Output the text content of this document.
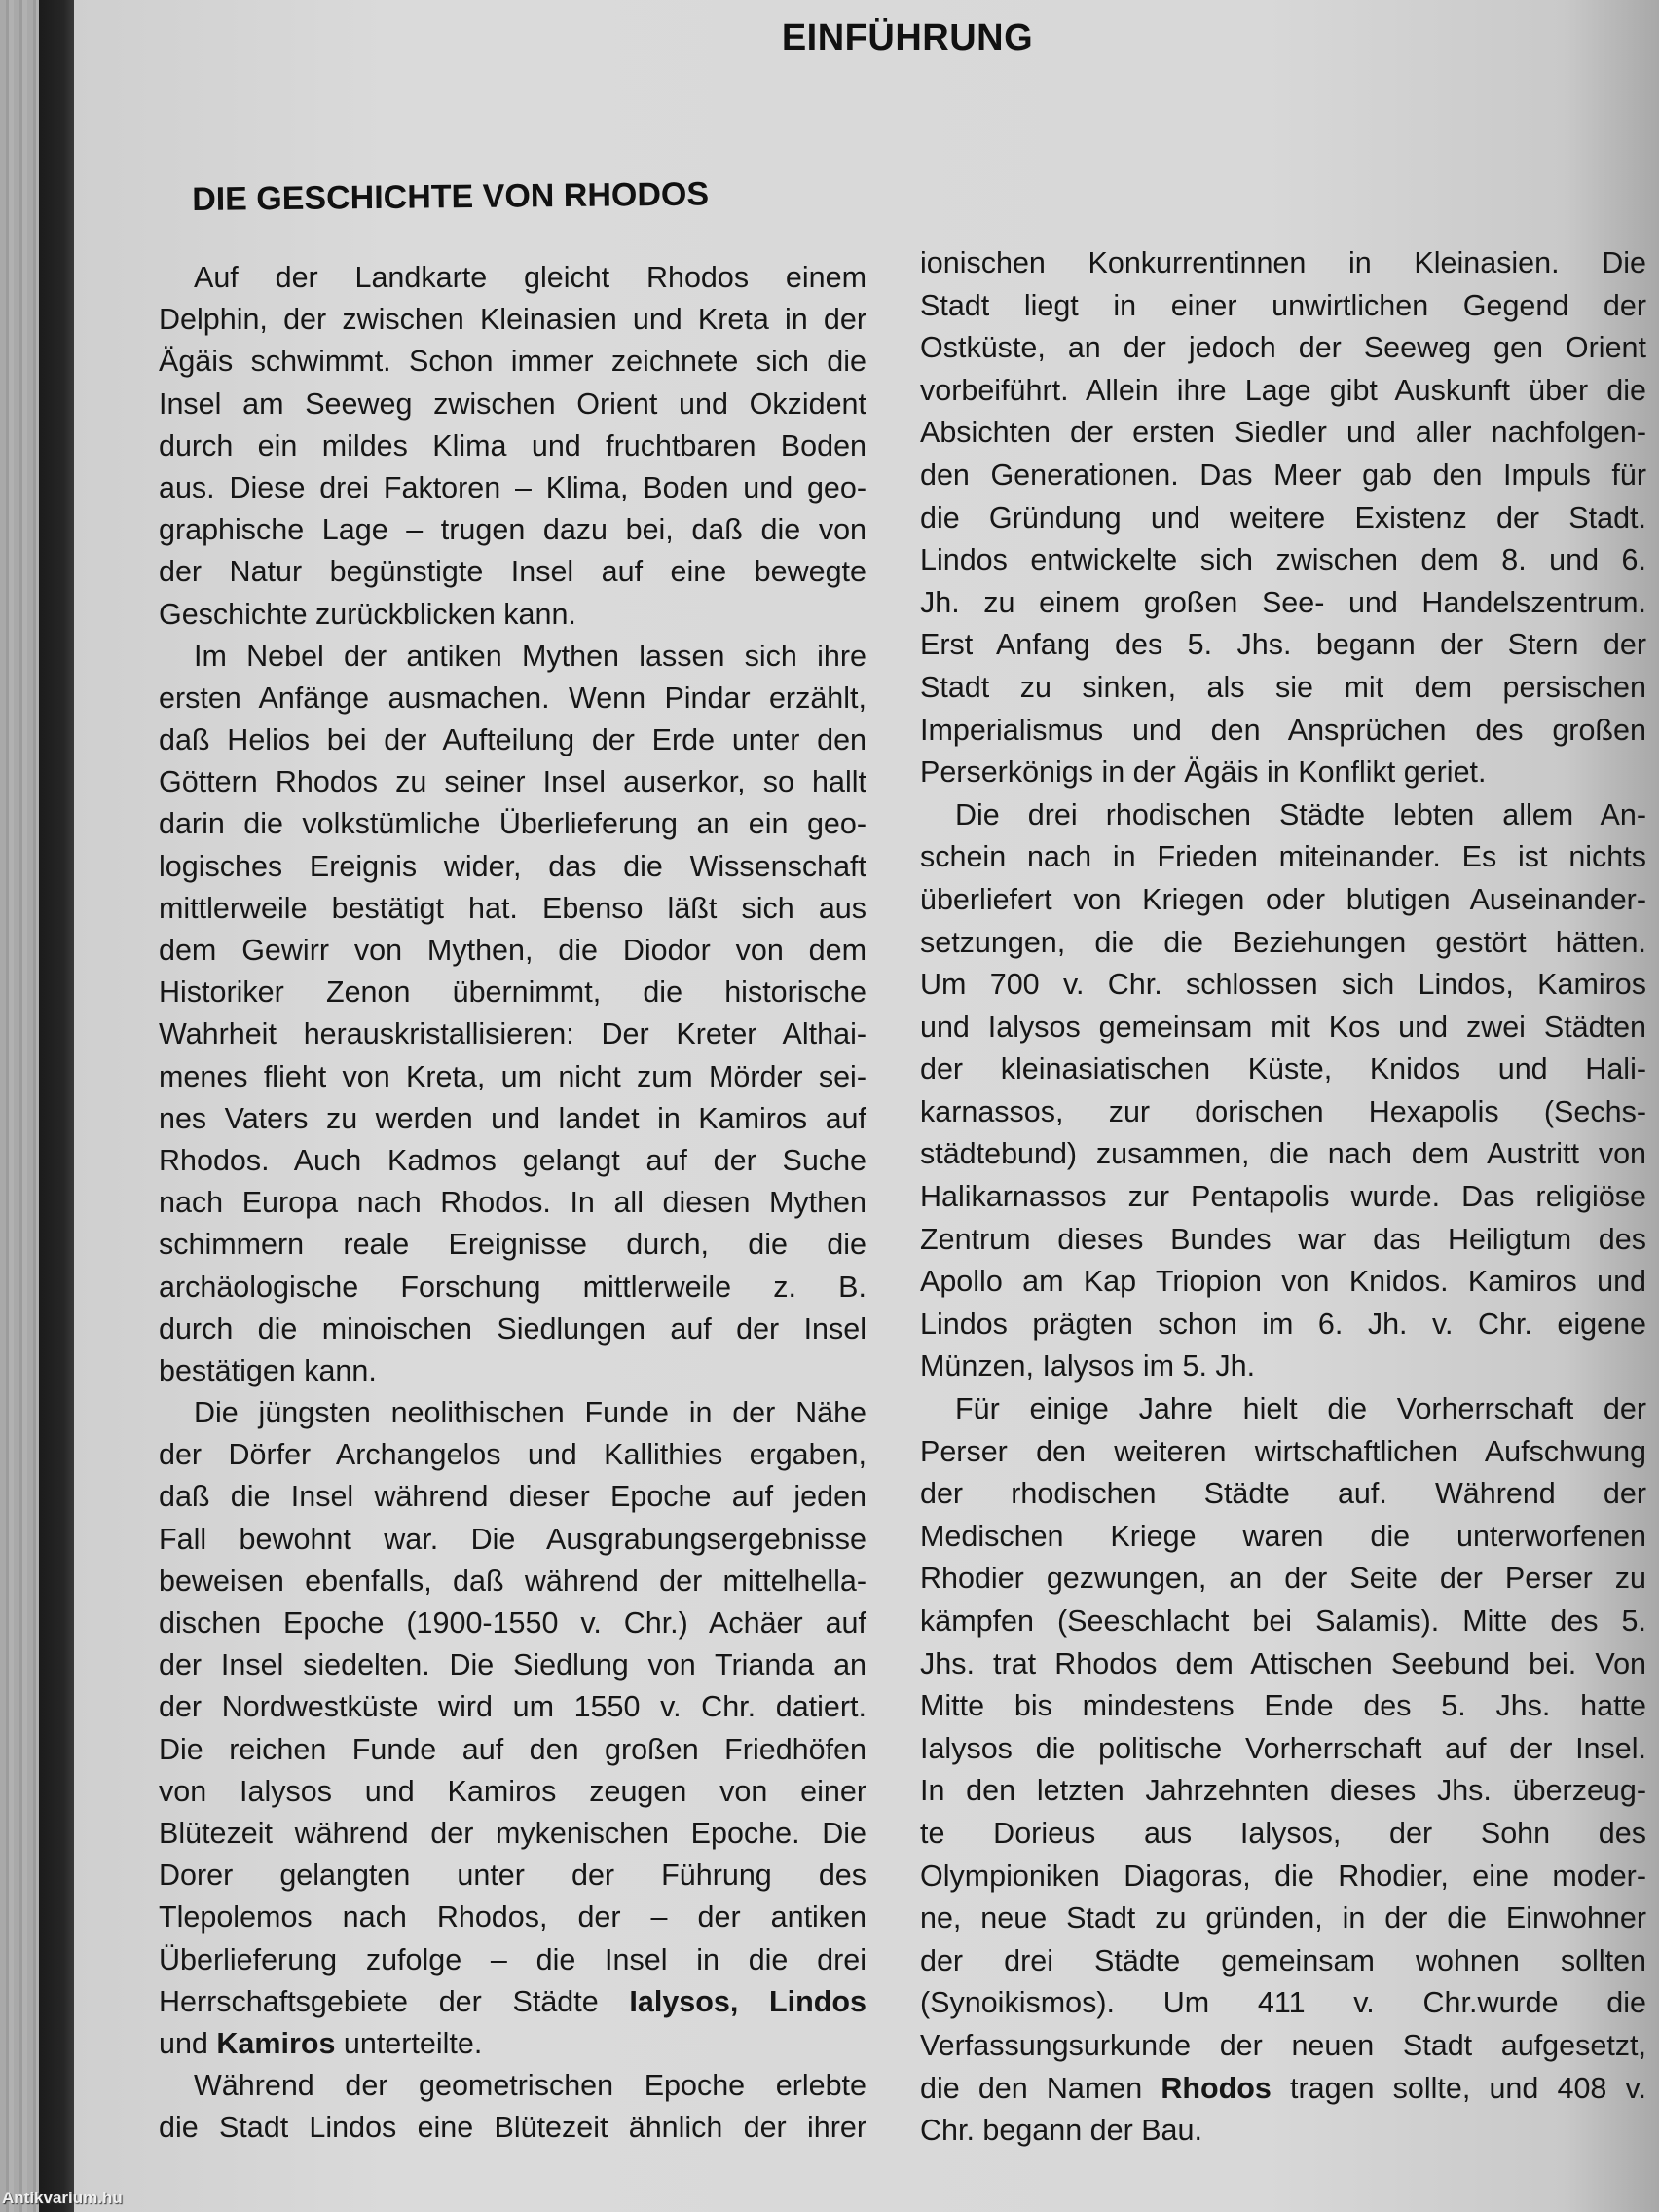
EINFÜHRUNG
DIE GESCHICHTE VON RHODOS
Auf der Landkarte gleicht Rhodos einem
Delphin, der zwischen Kleinasien und Kreta in der
Ägäis schwimmt. Schon immer zeichnete sich die
Insel am Seeweg zwischen Orient und Okzident
durch ein mildes Klima und fruchtbaren Boden
aus. Diese drei Faktoren – Klima, Boden und geo-
graphische Lage – trugen dazu bei, daß die von
der Natur begünstigte Insel auf eine bewegte
Geschichte zurückblicken kann.
Im Nebel der antiken Mythen lassen sich ihre
ersten Anfänge ausmachen. Wenn Pindar erzählt,
daß Helios bei der Aufteilung der Erde unter den
Göttern Rhodos zu seiner Insel auserkor, so hallt
darin die volkstümliche Überlieferung an ein geo-
logisches Ereignis wider, das die Wissenschaft
mittlerweile bestätigt hat. Ebenso läßt sich aus
dem Gewirr von Mythen, die Diodor von dem
Historiker Zenon übernimmt, die historische
Wahrheit herauskristallisieren: Der Kreter Althai-
menes flieht von Kreta, um nicht zum Mörder sei-
nes Vaters zu werden und landet in Kamiros auf
Rhodos. Auch Kadmos gelangt auf der Suche
nach Europa nach Rhodos. In all diesen Mythen
schimmern reale Ereignisse durch, die die
archäologische Forschung mittlerweile z. B.
durch die minoischen Siedlungen auf der Insel
bestätigen kann.
Die jüngsten neolithischen Funde in der Nähe
der Dörfer Archangelos und Kallithies ergaben,
daß die Insel während dieser Epoche auf jeden
Fall bewohnt war. Die Ausgrabungsergebnisse
beweisen ebenfalls, daß während der mittelhella-
dischen Epoche (1900-1550 v. Chr.) Achäer auf
der Insel siedelten. Die Siedlung von Trianda an
der Nordwestküste wird um 1550 v. Chr. datiert.
Die reichen Funde auf den großen Friedhöfen
von Ialysos und Kamiros zeugen von einer
Blütezeit während der mykenischen Epoche. Die
Dorer gelangten unter der Führung des
Tlepolemos nach Rhodos, der – der antiken
Überlieferung zufolge – die Insel in die drei
Herrschaftsgebiete der Städte Ialysos, Lindos
und Kamiros unterteilte.
Während der geometrischen Epoche erlebte
die Stadt Lindos eine Blütezeit ähnlich der ihrer
ionischen Konkurrentinnen in Kleinasien. Die
Stadt liegt in einer unwirtlichen Gegend der
Ostküste, an der jedoch der Seeweg gen Orient
vorbeiführt. Allein ihre Lage gibt Auskunft über die
Absichten der ersten Siedler und aller nachfolgen-
den Generationen. Das Meer gab den Impuls für
die Gründung und weitere Existenz der Stadt.
Lindos entwickelte sich zwischen dem 8. und 6.
Jh. zu einem großen See- und Handelszentrum.
Erst Anfang des 5. Jhs. begann der Stern der
Stadt zu sinken, als sie mit dem persischen
Imperialismus und den Ansprüchen des großen
Perserkönigs in der Ägäis in Konflikt geriet.
Die drei rhodischen Städte lebten allem An-
schein nach in Frieden miteinander. Es ist nichts
überliefert von Kriegen oder blutigen Auseinander-
setzungen, die die Beziehungen gestört hätten.
Um 700 v. Chr. schlossen sich Lindos, Kamiros
und Ialysos gemeinsam mit Kos und zwei Städten
der kleinasiatischen Küste, Knidos und Hali-
karnassos, zur dorischen Hexapolis (Sechs-
städtebund) zusammen, die nach dem Austritt von
Halikarnassos zur Pentapolis wurde. Das religiöse
Zentrum dieses Bundes war das Heiligtum des
Apollo am Kap Triopion von Knidos. Kamiros und
Lindos prägten schon im 6. Jh. v. Chr. eigene
Münzen, Ialysos im 5. Jh.
Für einige Jahre hielt die Vorherrschaft der
Perser den weiteren wirtschaftlichen Aufschwung
der rhodischen Städte auf. Während der
Medischen Kriege waren die unterworfenen
Rhodier gezwungen, an der Seite der Perser zu
kämpfen (Seeschlacht bei Salamis). Mitte des 5.
Jhs. trat Rhodos dem Attischen Seebund bei. Von
Mitte bis mindestens Ende des 5. Jhs. hatte
Ialysos die politische Vorherrschaft auf der Insel.
In den letzten Jahrzehnten dieses Jhs. überzeug-
te Dorieus aus Ialysos, der Sohn des
Olympioniken Diagoras, die Rhodier, eine moder-
ne, neue Stadt zu gründen, in der die Einwohner
der drei Städte gemeinsam wohnen sollten
(Synoikismos). Um 411 v. Chr.wurde die
Verfassungsurkunde der neuen Stadt aufgesetzt,
die den Namen Rhodos tragen sollte, und 408 v.
Chr. begann der Bau.
Antikvarium.hu
